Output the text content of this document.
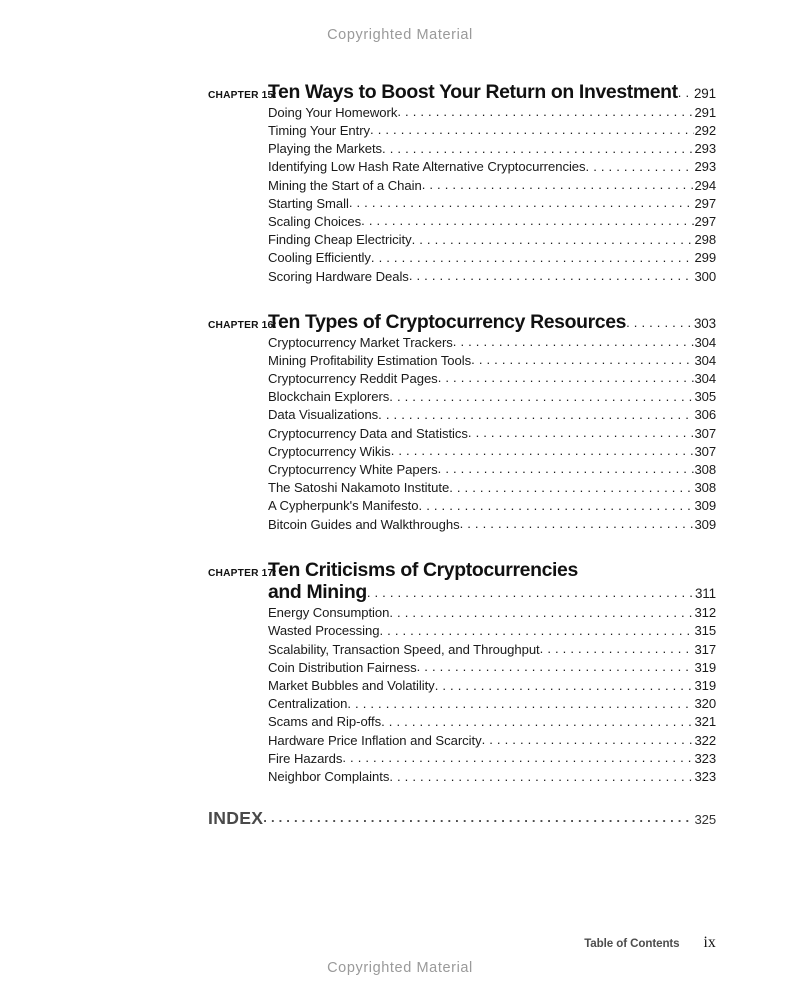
Copyrighted Material
CHAPTER 15:
Ten Ways to Boost Your Return on Investment . . . 291
Doing Your Homework . . .	291
Timing Your Entry . . .	292
Playing the Markets . . .	293
Identifying Low Hash Rate Alternative Cryptocurrencies . . .	293
Mining the Start of a Chain . . .	294
Starting Small . . .	297
Scaling Choices . . .	297
Finding Cheap Electricity . . .	298
Cooling Efficiently . . .	299
Scoring Hardware Deals . . .	300
CHAPTER 16:
Ten Types of Cryptocurrency Resources . . .	303
Cryptocurrency Market Trackers . . .	304
Mining Profitability Estimation Tools . . .	304
Cryptocurrency Reddit Pages . . .	304
Blockchain Explorers . . .	305
Data Visualizations . . .	306
Cryptocurrency Data and Statistics . . .	307
Cryptocurrency Wikis . . .	307
Cryptocurrency White Papers . . .	308
The Satoshi Nakamoto Institute . . .	308
A Cypherpunk's Manifesto . . .	309
Bitcoin Guides and Walkthroughs . . .	309
CHAPTER 17:
Ten Criticisms of Cryptocurrencies
and Mining . . .	311
Energy Consumption . . .	312
Wasted Processing . . .	315
Scalability, Transaction Speed, and Throughput . . .	317
Coin Distribution Fairness . . .	319
Market Bubbles and Volatility . . .	319
Centralization . . .	320
Scams and Rip-offs . . .	321
Hardware Price Inflation and Scarcity . . .	322
Fire Hazards . . .	323
Neighbor Complaints . . .	323
INDEX . . .	325
Table of Contents ix
Copyrighted Material
